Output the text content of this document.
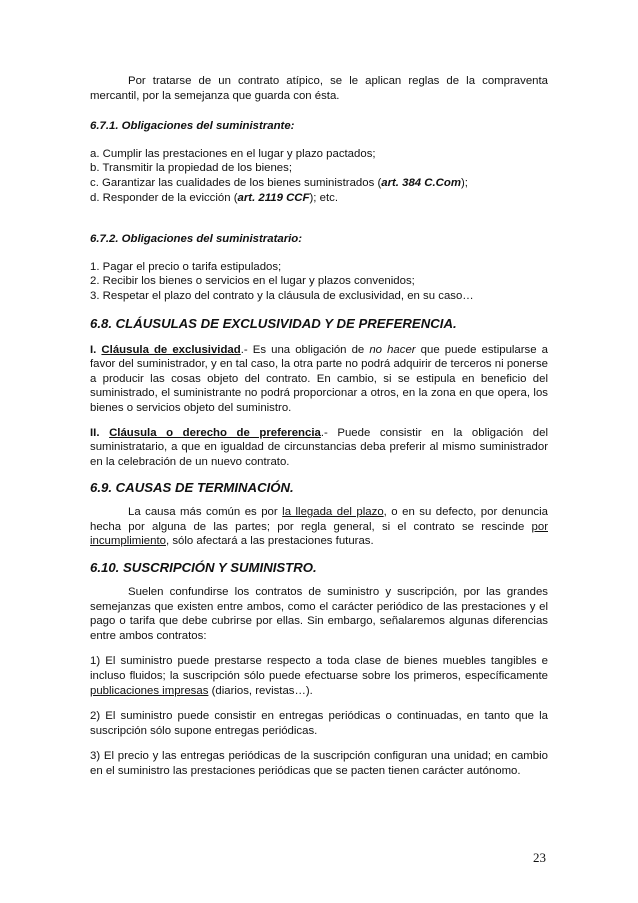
Por tratarse de un contrato atípico, se le aplican reglas de la compraventa mercantil, por la semejanza que guarda con ésta.

6.7.1. Obligaciones del suministrante:

a. Cumplir las prestaciones en el lugar y plazo pactados;

b. Transmitir la propiedad de los bienes;

c. Garantizar las cualidades de los bienes suministrados (art. 384 C.Com);

d. Responder de la evicción (art. 2119 CCF); etc.

6.7.2. Obligaciones del suministratario:

1. Pagar el precio o tarifa estipulados;

2. Recibir los bienes o servicios en el lugar y plazos convenidos;

3. Respetar el plazo del contrato y la cláusula de exclusividad, en su caso…

6.8. CLÁUSULAS DE EXCLUSIVIDAD Y DE PREFERENCIA.

I. Cláusula de exclusividad.- Es una obligación de no hacer que puede estipularse a favor del suministrador, y en tal caso, la otra parte no podrá adquirir de terceros ni ponerse a producir las cosas objeto del contrato. En cambio, si se estipula en beneficio del suministrado, el suministrante no podrá proporcionar a otros, en la zona en que opera, los bienes o servicios objeto del suministro.

II. Cláusula o derecho de preferencia.- Puede consistir en la obligación del suministratario, a que en igualdad de circunstancias deba preferir al mismo suministrador en la celebración de un nuevo contrato.

6.9. CAUSAS DE TERMINACIÓN.

La causa más común es por la llegada del plazo, o en su defecto, por denuncia hecha por alguna de las partes; por regla general, si el contrato se rescinde por incumplimiento, sólo afectará a las prestaciones futuras.

6.10. SUSCRIPCIÓN Y SUMINISTRO.

Suelen confundirse los contratos de suministro y suscripción, por las grandes semejanzas que existen entre ambos, como el carácter periódico de las prestaciones y el pago o tarifa que debe cubrirse por ellas. Sin embargo, señalaremos algunas diferencias entre ambos contratos:

1) El suministro puede prestarse respecto a toda clase de bienes muebles tangibles e incluso fluidos; la suscripción sólo puede efectuarse sobre los primeros, específicamente publicaciones impresas (diarios, revistas…).

2) El suministro puede consistir en entregas periódicas o continuadas, en tanto que la suscripción sólo supone entregas periódicas.

3) El precio y las entregas periódicas de la suscripción configuran una unidad; en cambio en el suministro las prestaciones periódicas que se pacten tienen carácter autónomo.

23
